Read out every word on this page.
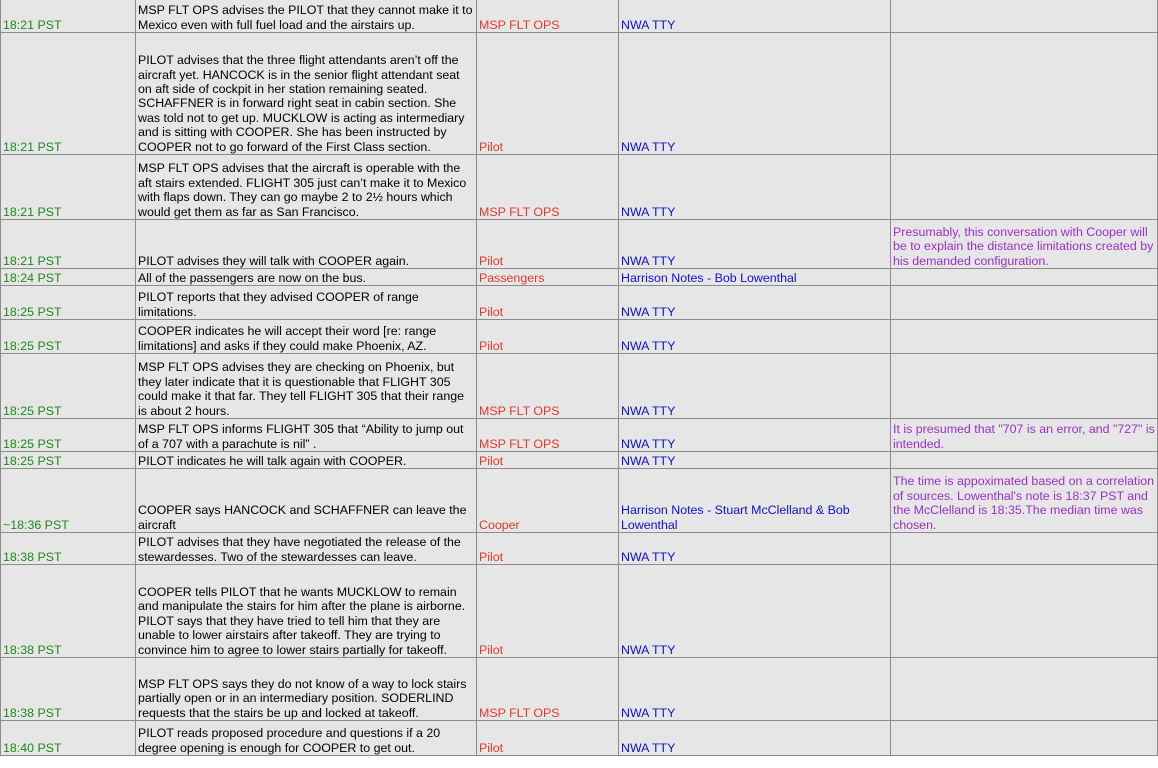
18:21 PST	MSP FLT OPS advises the PILOT that they cannot make it to Mexico even with full fuel load and the airstairs up.	MSP FLT OPS	NWA TTY	
18:21 PST	PILOT advises that the three flight attendants aren’t off the aircraft yet. HANCOCK is in the senior flight attendant seat on aft side of cockpit in her station remaining seated. SCHAFFNER is in forward right seat in cabin section. She was told not to get up. MUCKLOW is acting as intermediary and is sitting with COOPER. She has been instructed by COOPER not to go forward of the First Class section.	Pilot	NWA TTY	
18:21 PST	MSP FLT OPS advises that the aircraft is operable with the aft stairs extended. FLIGHT 305 just can’t make it to Mexico with flaps down. They can go maybe 2 to 2½ hours which would get them as far as San Francisco.	MSP FLT OPS	NWA TTY	
18:21 PST	PILOT advises they will talk with COOPER again.	Pilot	NWA TTY	Presumably, this conversation with Cooper will be to explain the distance limitations created by his demanded configuration.
18:24 PST	All of the passengers are now on the bus.	Passengers	Harrison Notes - Bob Lowenthal	
18:25 PST	PILOT reports that they advised COOPER of range limitations.	Pilot	NWA TTY	
18:25 PST	COOPER indicates he will accept their word [re: range limitations] and asks if they could make Phoenix, AZ.	Pilot	NWA TTY	
18:25 PST	MSP FLT OPS advises they are checking on Phoenix, but they later indicate that it is questionable that FLIGHT 305 could make it that far. They tell FLIGHT 305 that their range is about 2 hours.	MSP FLT OPS	NWA TTY	
18:25 PST	MSP FLT OPS informs FLIGHT 305 that “Ability to jump out of a 707 with a parachute is nil” .	MSP FLT OPS	NWA TTY	It is presumed that "707 is an error, and "727" is intended.
18:25 PST	PILOT indicates he will talk again with COOPER.	Pilot	NWA TTY	
~18:36 PST	COOPER says HANCOCK and SCHAFFNER can leave the aircraft	Cooper	Harrison Notes - Stuart McClelland & Bob Lowenthal	The time is appoximated based on a correlation of sources. Lowenthal's note is 18:37 PST and the McClelland is 18:35.The median time was chosen.
18:38 PST	PILOT advises that they have negotiated the release of the stewardesses. Two of the stewardesses can leave.	Pilot	NWA TTY	
18:38 PST	COOPER tells PILOT that he wants MUCKLOW to remain and manipulate the stairs for him after the plane is airborne. PILOT says that they have tried to tell him that they are unable to lower airstairs after takeoff. They are trying to convince him to agree to lower stairs partially for takeoff.	Pilot	NWA TTY	
18:38 PST	MSP FLT OPS says they do not know of a way to lock stairs partially open or in an intermediary position. SODERLIND requests that the stairs be up and locked at takeoff.	MSP FLT OPS	NWA TTY	
18:40 PST	PILOT reads proposed procedure and questions if a 20 degree opening is enough for COOPER to get out.	Pilot	NWA TTY	
